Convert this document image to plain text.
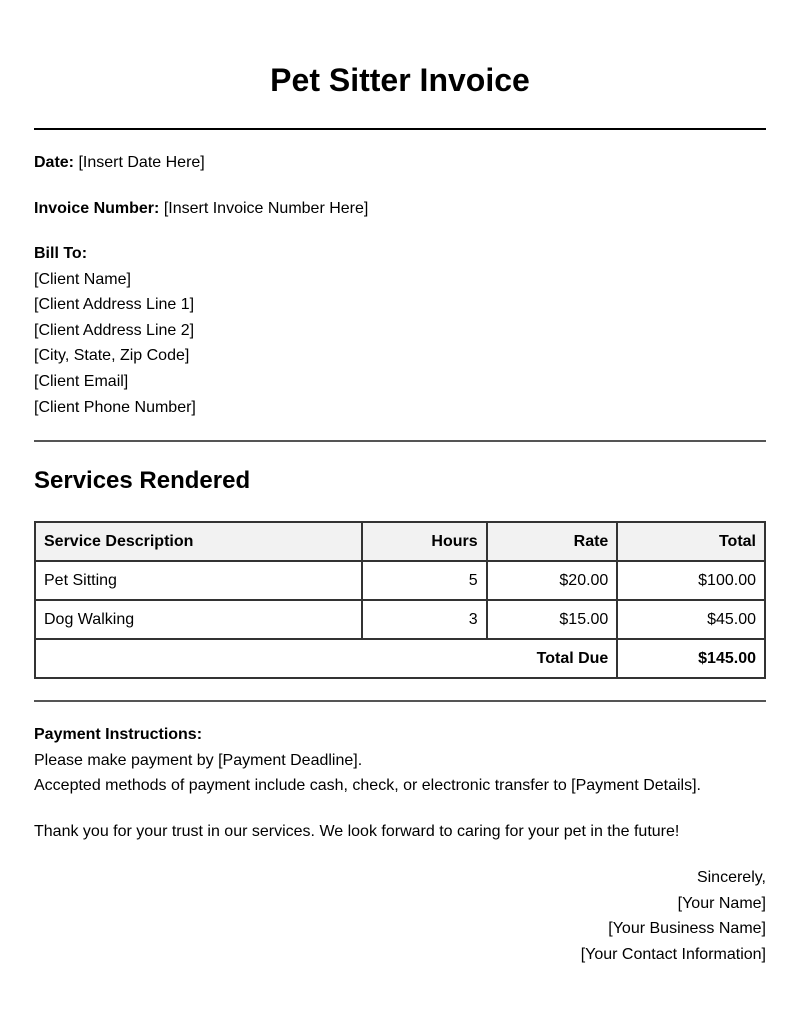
Pet Sitter Invoice
Date: [Insert Date Here]
Invoice Number: [Insert Invoice Number Here]
Bill To:
[Client Name]
[Client Address Line 1]
[Client Address Line 2]
[City, State, Zip Code]
[Client Email]
[Client Phone Number]
Services Rendered
Service Description	Hours	Rate	Total
Pet Sitting	5	$20.00	$100.00
Dog Walking	3	$15.00	$45.00
Total Due			$145.00
Payment Instructions:
Please make payment by [Payment Deadline].
Accepted methods of payment include cash, check, or electronic transfer to [Payment Details].
Thank you for your trust in our services. We look forward to caring for your pet in the future!
Sincerely,
[Your Name]
[Your Business Name]
[Your Contact Information]
